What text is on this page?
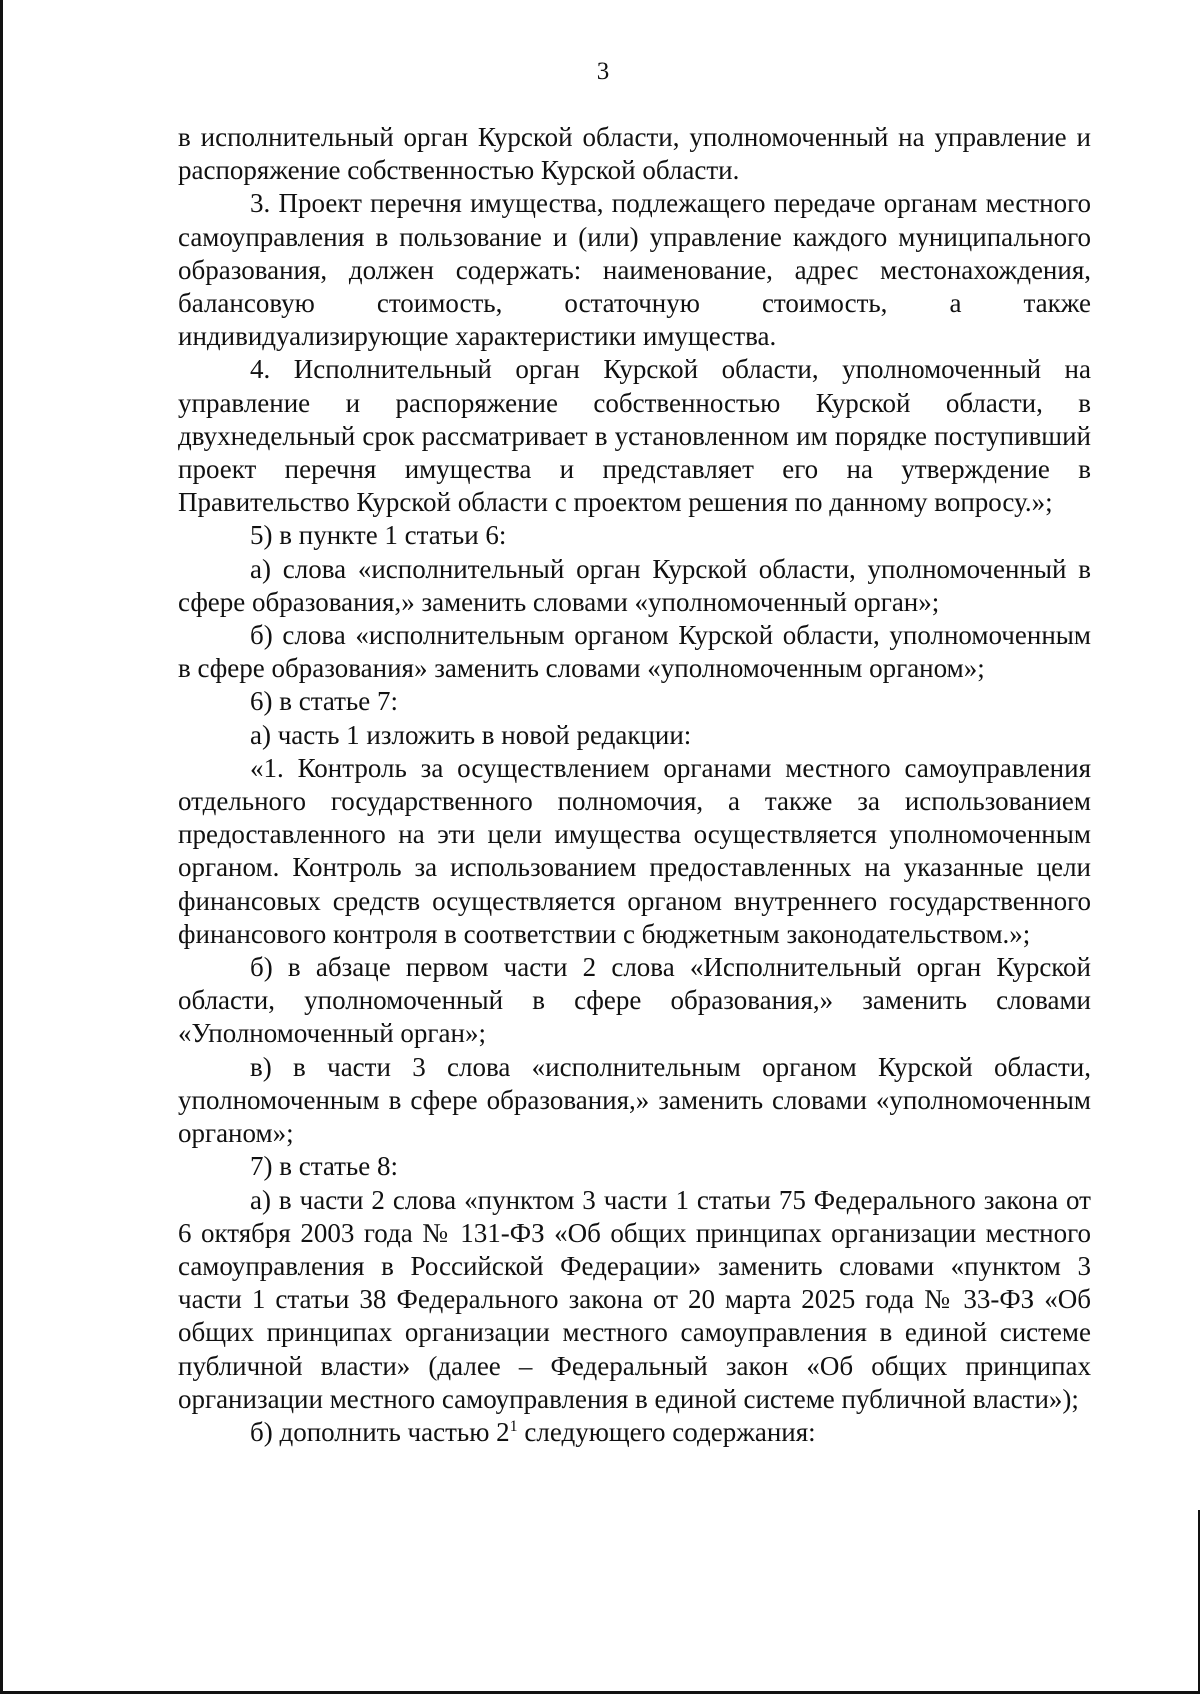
3

в исполнительный орган Курской области, уполномоченный на управление и распоряжение собственностью Курской области.

3. Проект перечня имущества, подлежащего передаче органам местного самоуправления в пользование и (или) управление каждого муниципального образования, должен содержать: наименование, адрес местонахождения, балансовую стоимость, остаточную стоимость, а также индивидуализирующие характеристики имущества.

4. Исполнительный орган Курской области, уполномоченный на управление и распоряжение собственностью Курской области, в двухнедельный срок рассматривает в установленном им порядке поступивший проект перечня имущества и представляет его на утверждение в Правительство Курской области с проектом решения по данному вопросу.»;

5) в пункте 1 статьи 6:

а) слова «исполнительный орган Курской области, уполномоченный в сфере образования,» заменить словами «уполномоченный орган»;

б) слова «исполнительным органом Курской области, уполномоченным в сфере образования» заменить словами «уполномоченным органом»;

6) в статье 7:

а) часть 1 изложить в новой редакции:

«1. Контроль за осуществлением органами местного самоуправления отдельного государственного полномочия, а также за использованием предоставленного на эти цели имущества осуществляется уполномоченным органом. Контроль за использованием предоставленных на указанные цели финансовых средств осуществляется органом внутреннего государственного финансового контроля в соответствии с бюджетным законодательством.»;

б) в абзаце первом части 2 слова «Исполнительный орган Курской области, уполномоченный в сфере образования,» заменить словами «Уполномоченный орган»;

в) в части 3 слова «исполнительным органом Курской области, уполномоченным в сфере образования,» заменить словами «уполномоченным органом»;

7) в статье 8:

а) в части 2 слова «пунктом 3 части 1 статьи 75 Федерального закона от 6 октября 2003 года № 131-ФЗ «Об общих принципах организации местного самоуправления в Российской Федерации» заменить словами «пунктом 3 части 1 статьи 38 Федерального закона от 20 марта 2025 года № 33-ФЗ «Об общих принципах организации местного самоуправления в единой системе публичной власти» (далее – Федеральный закон «Об общих принципах организации местного самоуправления в единой системе публичной власти»);

б) дополнить частью $2^1$ следующего содержания:
